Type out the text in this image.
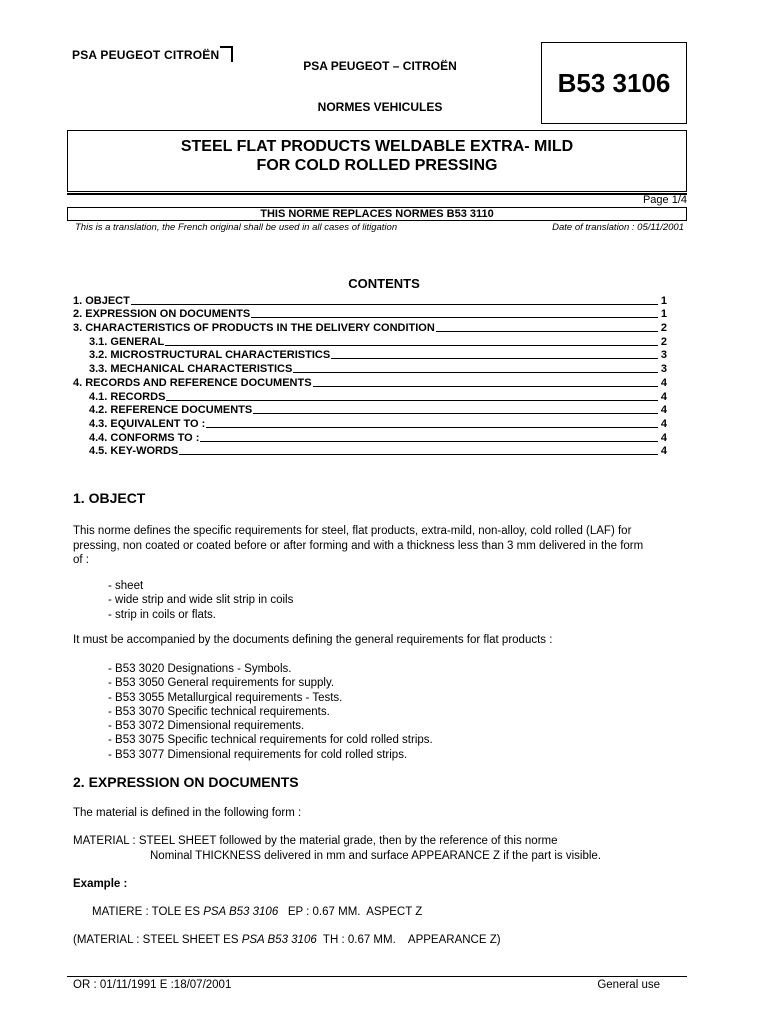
PSA PEUGEOT CITROËN
PSA PEUGEOT – CITROËN
NORMES VEHICULES
B53 3106
STEEL FLAT PRODUCTS WELDABLE EXTRA- MILD
FOR COLD ROLLED PRESSING
Page 1/4
THIS NORME REPLACES NORMES B53 3110
This is a translation, the French original shall be used in all cases of litigation	Date of translation : 05/11/2001
CONTENTS
1. OBJECT	1
2. EXPRESSION ON DOCUMENTS	1
3. CHARACTERISTICS OF PRODUCTS IN THE DELIVERY CONDITION	2
3.1. GENERAL	2
3.2. MICROSTRUCTURAL CHARACTERISTICS	3
3.3. MECHANICAL CHARACTERISTICS	3
4. RECORDS AND REFERENCE DOCUMENTS	4
4.1. RECORDS	4
4.2. REFERENCE DOCUMENTS	4
4.3. EQUIVALENT TO :	4
4.4. CONFORMS TO :	4
4.5. KEY-WORDS	4
1. OBJECT
This norme defines the specific requirements for steel, flat products, extra-mild, non-alloy, cold rolled (LAF) for
pressing, non coated or coated before or after forming and with a thickness less than 3 mm delivered in the form
of :
- sheet
- wide strip and wide slit strip in coils
- strip in coils or flats.
It must be accompanied by the documents defining the general requirements for flat products :
- B53 3020 Designations - Symbols.
- B53 3050 General requirements for supply.
- B53 3055 Metallurgical requirements - Tests.
- B53 3070 Specific technical requirements.
- B53 3072 Dimensional requirements.
- B53 3075 Specific technical requirements for cold rolled strips.
- B53 3077 Dimensional requirements for cold rolled strips.
2. EXPRESSION ON DOCUMENTS
The material is defined in the following form :
MATERIAL : STEEL SHEET followed by the material grade, then by the reference of this norme
Nominal THICKNESS delivered in mm and surface APPEARANCE Z if the part is visible.
Example :
MATIERE : TOLE ES PSA B53 3106   EP : 0.67 MM.  ASPECT Z
(MATERIAL : STEEL SHEET ES PSA B53 3106  TH : 0.67 MM.    APPEARANCE Z)
OR : 01/11/1991 E :18/07/2001	General use
